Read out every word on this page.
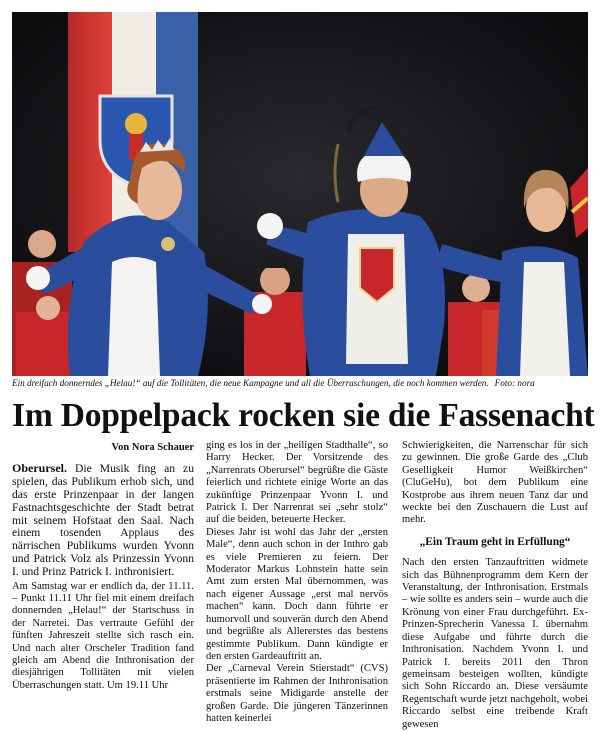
Ein dreifach donnerndes „Helau!“ auf die Tollitäten, die neue Kampagne und all die Überraschungen, die noch kommen werden. Foto: nora
Im Doppelpack rocken sie die Fassenacht

Von Nora Schauer

Oberursel. Die Musik fing an zu spielen, das Publikum erhob sich, und das erste Prinzenpaar in der langen Fastnachtsgeschichte der Stadt betrat mit seinem Hofstaat den Saal. Nach einem tosenden Applaus des närrischen Publikums wurden Yvonn und Patrick Volz als Prinzessin Yvonn I. und Prinz Patrick I. inthronisiert.

Am Samstag war er endlich da, der 11.11. – Punkt 11.11 Uhr fiel mit einem dreifach donnernden „Helau!“ der Startschuss in der Narretei. Das vertraute Gefühl der fünften Jahreszeit stellte sich rasch ein. Und nach alter Orscheler Tradition fand gleich am Abend die Inthronisation der diesjährigen Tollitäten mit vielen Überraschungen statt. Um 19.11 Uhr

ging es los in der „heiligen Stadthalle“, so Harry Hecker. Der Vorsitzende des „Narrenrats Oberursel“ begrüßte die Gäste feierlich und richtete einige Worte an das zukünftige Prinzenpaar Yvonn I. und Patrick I. Der Narrenrat sei „sehr stolz“ auf die beiden, beteuerte Hecker.

Dieses Jahr ist wohl das Jahr der „ersten Male“, denn auch schon in der Inthro gab es viele Premieren zu feiern. Der Moderator Markus Lohnstein hatte sein Amt zum ersten Mal übernommen, was nach eigener Aussage „erst mal nervös machen“ kann. Doch dann führte er humorvoll und souverän durch den Abend und begrüßte als Allererstes das bestens gestimmte Publikum. Dann kündigte er den ersten Gardeauftritt an.

Der „Carneval Verein Stierstadt“ (CVS) präsentierte im Rahmen der Inthronisation erstmals seine Midigarde anstelle der großen Garde. Die jüngeren Tänzerinnen hatten keinerlei

Schwierigkeiten, die Narrenschar für sich zu gewinnen. Die große Garde des „Club Geselligkeit Humor Weißkirchen“ (CluGeHu), bot dem Publikum eine Kostprobe aus ihrem neuen Tanz dar und weckte bei den Zuschauern die Lust auf mehr.

„Ein Traum geht in Erfüllung“

Nach den ersten Tanzauftritten widmete sich das Bühnenprogramm dem Kern der Veranstaltung, der Inthronisation. Erstmals – wie sollte es anders sein – wurde auch die Krönung von einer Frau durchgeführt. Ex-Prinzen-Sprecherin Vanessa I. übernahm diese Aufgabe und führte durch die Inthronisation. Nachdem Yvonn I. und Patrick I. bereits 2011 den Thron gemeinsam besteigen wollten, kündigte sich Sohn Riccardo an. Diese versäumte Regentschaft wurde jetzt nachgeholt, wobei Riccardo selbst eine treibende Kraft gewesen
